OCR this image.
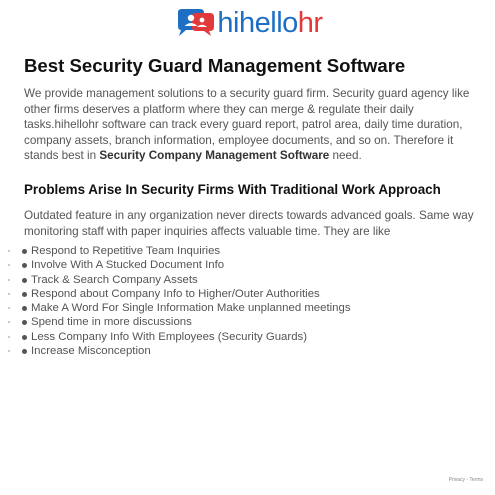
hihellohr
Best Security Guard Management Software

We provide management solutions to a security guard firm. Security guard agency like other firms deserves a platform where they can merge & regulate their daily tasks.hihellohr software can track every guard report, patrol area, daily time duration, company assets, branch information, employee documents, and so on. Therefore it stands best in Security Company Management Software need.

Problems Arise In Security Firms With Traditional Work Approach

Outdated feature in any organization never directs towards advanced goals. Same way monitoring staff with paper inquiries affects valuable time. They are like

Respond to Repetitive Team Inquiries
Involve With A Stucked Document Info
Track & Search Company Assets
Respond about Company Info to Higher/Outer Authorities
Make A Word For Single Information Make unplanned meetings
Spend time in more discussions
Less Company Info With Employees (Security Guards)
Increase Misconception
Privacy - Terms
